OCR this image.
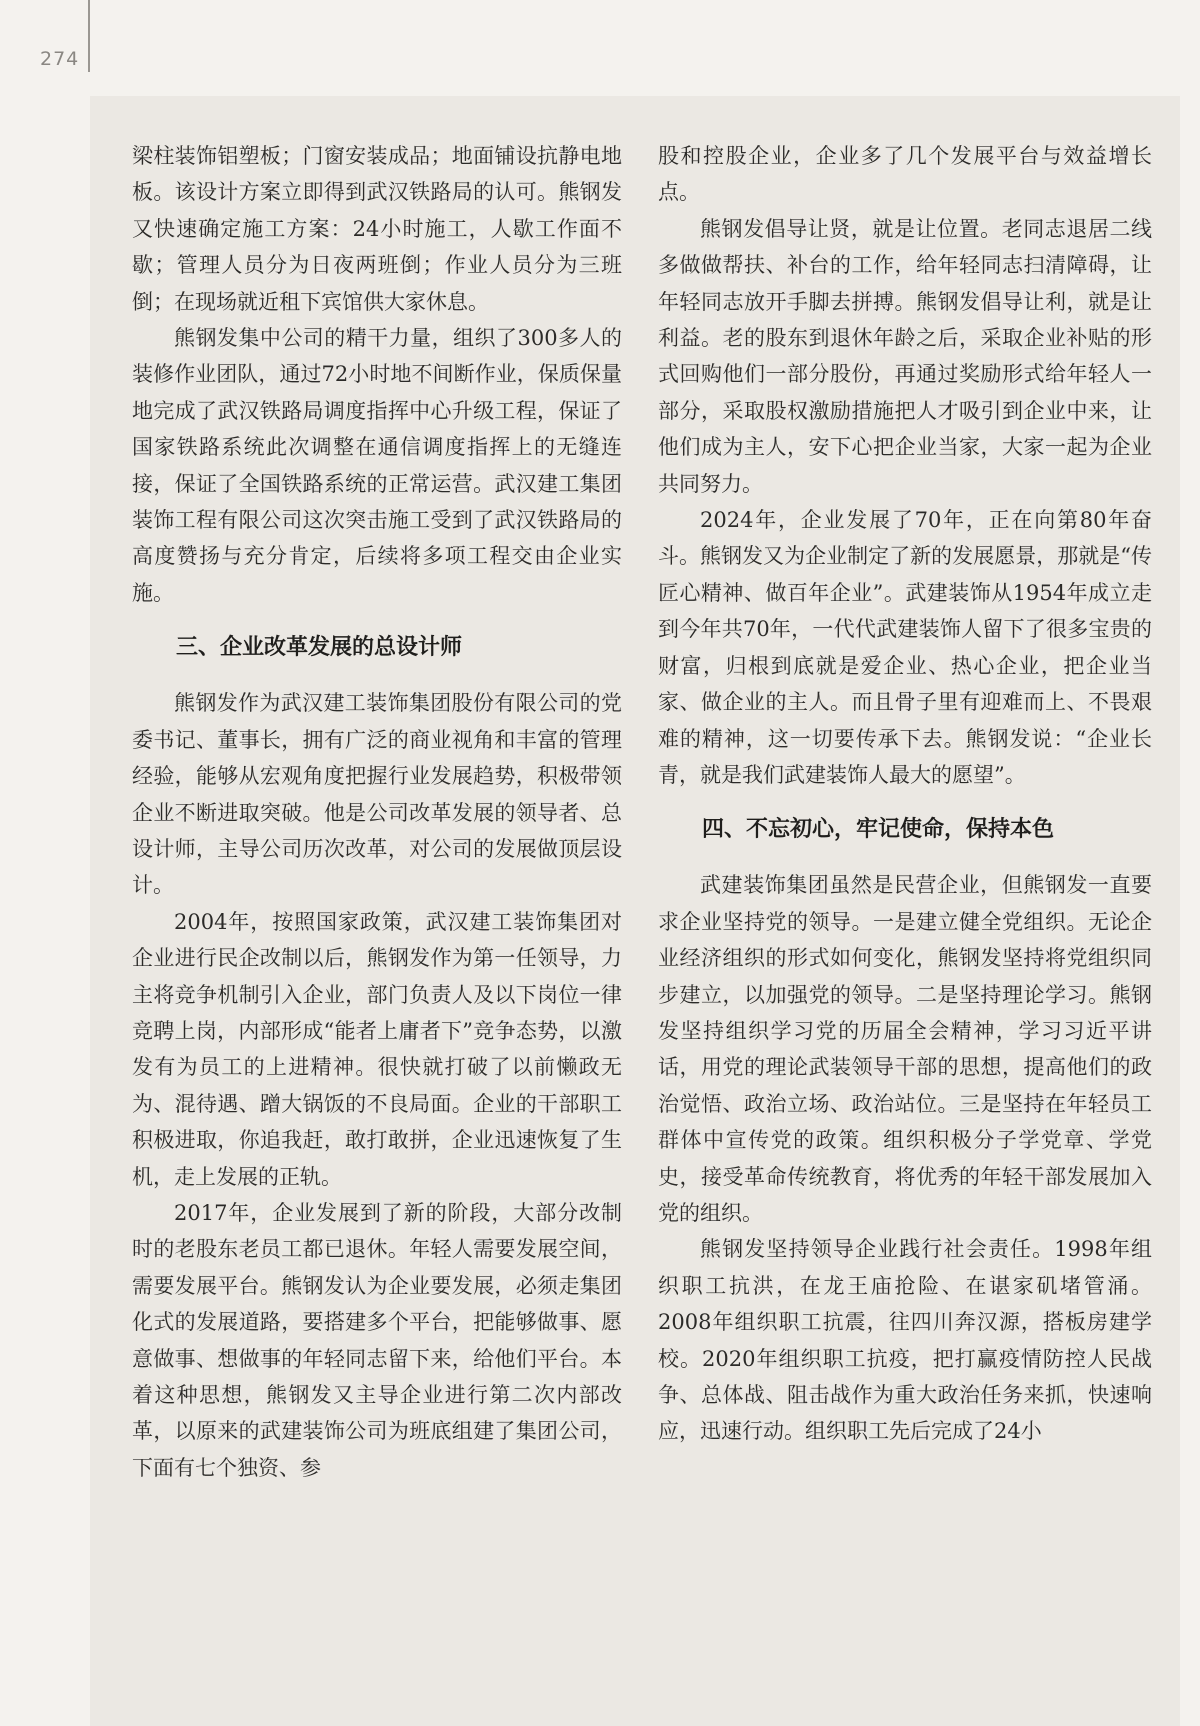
274

梁柱装饰铝塑板；门窗安装成品；地面铺设抗静电地板。该设计方案立即得到武汉铁路局的认可。熊钢发又快速确定施工方案：24小时施工，人歇工作面不歇；管理人员分为日夜两班倒；作业人员分为三班倒；在现场就近租下宾馆供大家休息。

熊钢发集中公司的精干力量，组织了300多人的装修作业团队，通过72小时地不间断作业，保质保量地完成了武汉铁路局调度指挥中心升级工程，保证了国家铁路系统此次调整在通信调度指挥上的无缝连接，保证了全国铁路系统的正常运营。武汉建工集团装饰工程有限公司这次突击施工受到了武汉铁路局的高度赞扬与充分肯定，后续将多项工程交由企业实施。

三、企业改革发展的总设计师

熊钢发作为武汉建工装饰集团股份有限公司的党委书记、董事长，拥有广泛的商业视角和丰富的管理经验，能够从宏观角度把握行业发展趋势，积极带领企业不断进取突破。他是公司改革发展的领导者、总设计师，主导公司历次改革，对公司的发展做顶层设计。

2004年，按照国家政策，武汉建工装饰集团对企业进行民企改制以后，熊钢发作为第一任领导，力主将竞争机制引入企业，部门负责人及以下岗位一律竞聘上岗，内部形成“能者上庸者下”竞争态势，以激发有为员工的上进精神。很快就打破了以前懒政无为、混待遇、蹭大锅饭的不良局面。企业的干部职工积极进取，你追我赶，敢打敢拼，企业迅速恢复了生机，走上发展的正轨。

2017年，企业发展到了新的阶段，大部分改制时的老股东老员工都已退休。年轻人需要发展空间，需要发展平台。熊钢发认为企业要发展，必须走集团化式的发展道路，要搭建多个平台，把能够做事、愿意做事、想做事的年轻同志留下来，给他们平台。本着这种思想，熊钢发又主导企业进行第二次内部改革，以原来的武建装饰公司为班底组建了集团公司，下面有七个独资、参

股和控股企业，企业多了几个发展平台与效益增长点。

熊钢发倡导让贤，就是让位置。老同志退居二线多做做帮扶、补台的工作，给年轻同志扫清障碍，让年轻同志放开手脚去拼搏。熊钢发倡导让利，就是让利益。老的股东到退休年龄之后，采取企业补贴的形式回购他们一部分股份，再通过奖励形式给年轻人一部分，采取股权激励措施把人才吸引到企业中来，让他们成为主人，安下心把企业当家，大家一起为企业共同努力。

2024年，企业发展了70年，正在向第80年奋斗。熊钢发又为企业制定了新的发展愿景，那就是“传匠心精神、做百年企业”。武建装饰从1954年成立走到今年共70年，一代代武建装饰人留下了很多宝贵的财富，归根到底就是爱企业、热心企业，把企业当家、做企业的主人。而且骨子里有迎难而上、不畏艰难的精神，这一切要传承下去。熊钢发说：“企业长青，就是我们武建装饰人最大的愿望”。

四、不忘初心，牢记使命，保持本色

武建装饰集团虽然是民营企业，但熊钢发一直要求企业坚持党的领导。一是建立健全党组织。无论企业经济组织的形式如何变化，熊钢发坚持将党组织同步建立，以加强党的领导。二是坚持理论学习。熊钢发坚持组织学习党的历届全会精神，学习习近平讲话，用党的理论武装领导干部的思想，提高他们的政治觉悟、政治立场、政治站位。三是坚持在年轻员工群体中宣传党的政策。组织积极分子学党章、学党史，接受革命传统教育，将优秀的年轻干部发展加入党的组织。

熊钢发坚持领导企业践行社会责任。1998年组织职工抗洪，在龙王庙抢险、在谌家矶堵管涌。2008年组织职工抗震，往四川奔汉源，搭板房建学校。2020年组织职工抗疫，把打赢疫情防控人民战争、总体战、阻击战作为重大政治任务来抓，快速响应，迅速行动。组织职工先后完成了24小
